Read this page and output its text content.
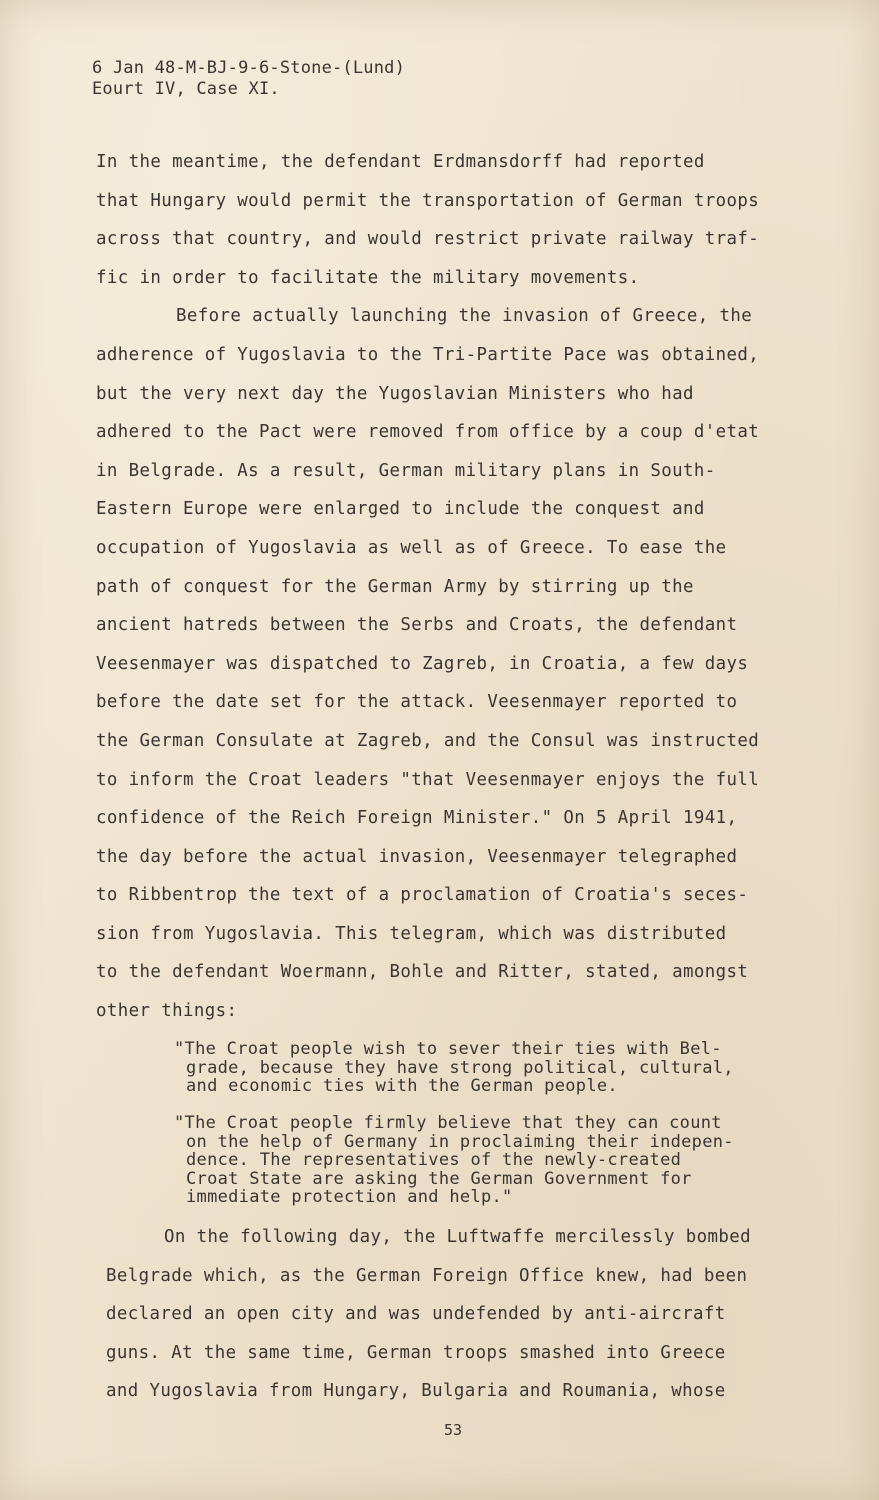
6 Jan 48-M-BJ-9-6-Stone-(Lund)
Eourt IV, Case XI.
In the meantime, the defendant Erdmansdorff had reported
that Hungary would permit the transportation of German troops
across that country, and would restrict private railway traf-
fic in order to facilitate the military movements.
Before actually launching the invasion of Greece, the
adherence of Yugoslavia to the Tri-Partite Pace was obtained,
but the very next day the Yugoslavian Ministers who had
adhered to the Pact were removed from office by a coup d'etat
in Belgrade. As a result, German military plans in South-
Eastern Europe were enlarged to include the conquest and
occupation of Yugoslavia as well as of Greece. To ease the
path of conquest for the German Army by stirring up the
ancient hatreds between the Serbs and Croats, the defendant
Veesenmayer was dispatched to Zagreb, in Croatia, a few days
before the date set for the attack. Veesenmayer reported to
the German Consulate at Zagreb, and the Consul was instructed
to inform the Croat leaders "that Veesenmayer enjoys the full
confidence of the Reich Foreign Minister." On 5 April 1941,
the day before the actual invasion, Veesenmayer telegraphed
to Ribbentrop the text of a proclamation of Croatia's seces-
sion from Yugoslavia. This telegram, which was distributed
to the defendant Woermann, Bohle and Ritter, stated, amongst
other things:
"The Croat people wish to sever their ties with Bel-
grade, because they have strong political, cultural,
and economic ties with the German people.
"The Croat people firmly believe that they can count
on the help of Germany in proclaiming their indepen-
dence. The representatives of the newly-created
Croat State are asking the German Government for
immediate protection and help."
On the following day, the Luftwaffe mercilessly bombed
Belgrade which, as the German Foreign Office knew, had been
declared an open city and was undefended by anti-aircraft
guns. At the same time, German troops smashed into Greece
and Yugoslavia from Hungary, Bulgaria and Roumania, whose
53
